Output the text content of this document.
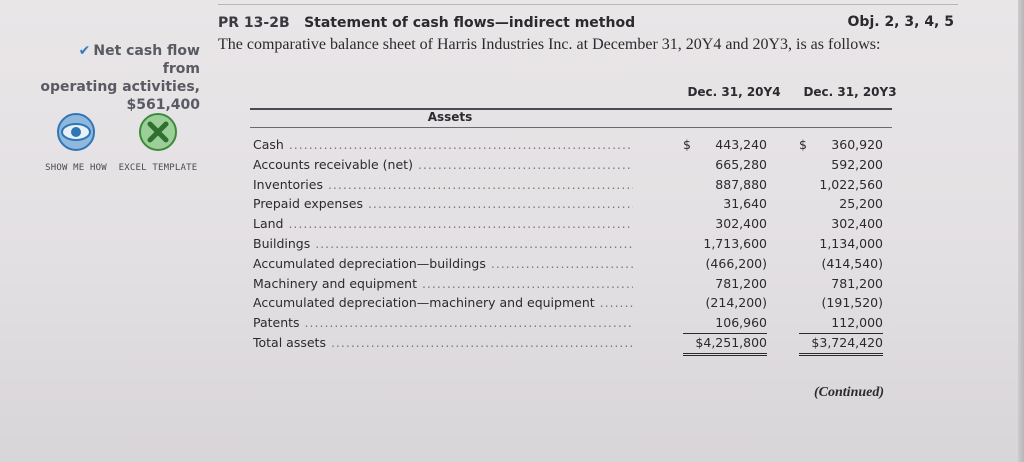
✔ Net cash flow from
operating activities,
$561,400
SHOW ME HOW	EXCEL TEMPLATE
PR 13-2B Statement of cash flows—indirect method	Obj. 2, 3, 4, 5
The comparative balance sheet of Harris Industries Inc. at December 31, 20Y4 and 20Y3, is as follows:
Dec. 31, 20Y4 Dec. 31, 20Y3
Assets
Cash .....	$ 443,240	$ 360,920
Accounts receivable (net) .....	665,280	592,200
Inventories .....	887,880	1,022,560
Prepaid expenses .....	31,640	25,200
Land .....	302,400	302,400
Buildings .....	1,713,600	1,134,000
Accumulated depreciation—buildings .....	(466,200)	(414,540)
Machinery and equipment .....	781,200	781,200
Accumulated depreciation—machinery and equipment .....	(214,200)	(191,520)
Patents .....	106,960	112,000
Total assets .....	$4,251,800	$3,724,420
(Continued)
